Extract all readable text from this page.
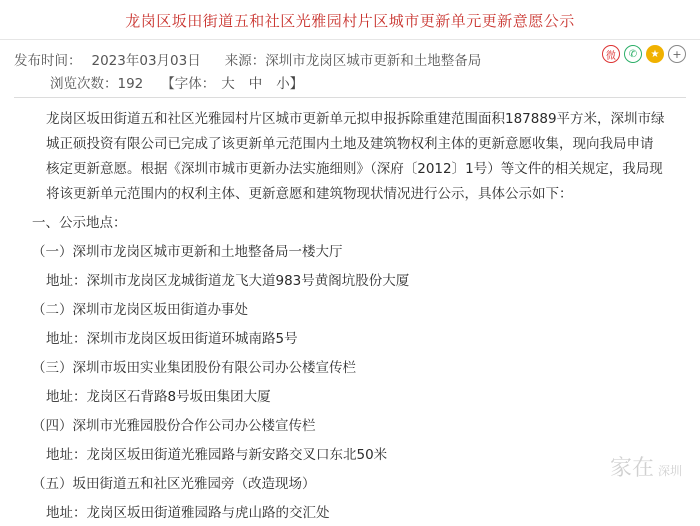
龙岗区坂田街道五和社区光雅园村片区城市更新单元更新意愿公示
发布时间： 2023年03月03日 来源：深圳市龙岗区城市更新和土地整备局	微	✆	★	+
浏览次数：192 【字体： 大 中 小】

龙岗区坂田街道五和社区光雅园村片区城市更新单元拟申报拆除重建范围面积187889平方米，深圳市绿城正硕投资有限公司已完成了该更新单元范围内土地及建筑物权利主体的更新意愿收集，现向我局申请核定更新意愿。根据《深圳市城市更新办法实施细则》（深府〔2012〕1号）等文件的相关规定，我局现将该更新单元范围内的权利主体、更新意愿和建筑物现状情况进行公示，具体公示如下：

一、公示地点：

（一）深圳市龙岗区城市更新和土地整备局一楼大厅

地址：深圳市龙岗区龙城街道龙飞大道983号黄阁坑股份大厦

（二）深圳市龙岗区坂田街道办事处

地址：深圳市龙岗区坂田街道环城南路5号

（三）深圳市坂田实业集团股份有限公司办公楼宣传栏

地址：龙岗区石背路8号坂田集团大厦

（四）深圳市光雅园股份合作公司办公楼宣传栏

地址：龙岗区坂田街道光雅园路与新安路交叉口东北50米

（五）坂田街道五和社区光雅园旁（改造现场）

地址：龙岗区坂田街道雅园路与虎山路的交汇处

家在 深圳
